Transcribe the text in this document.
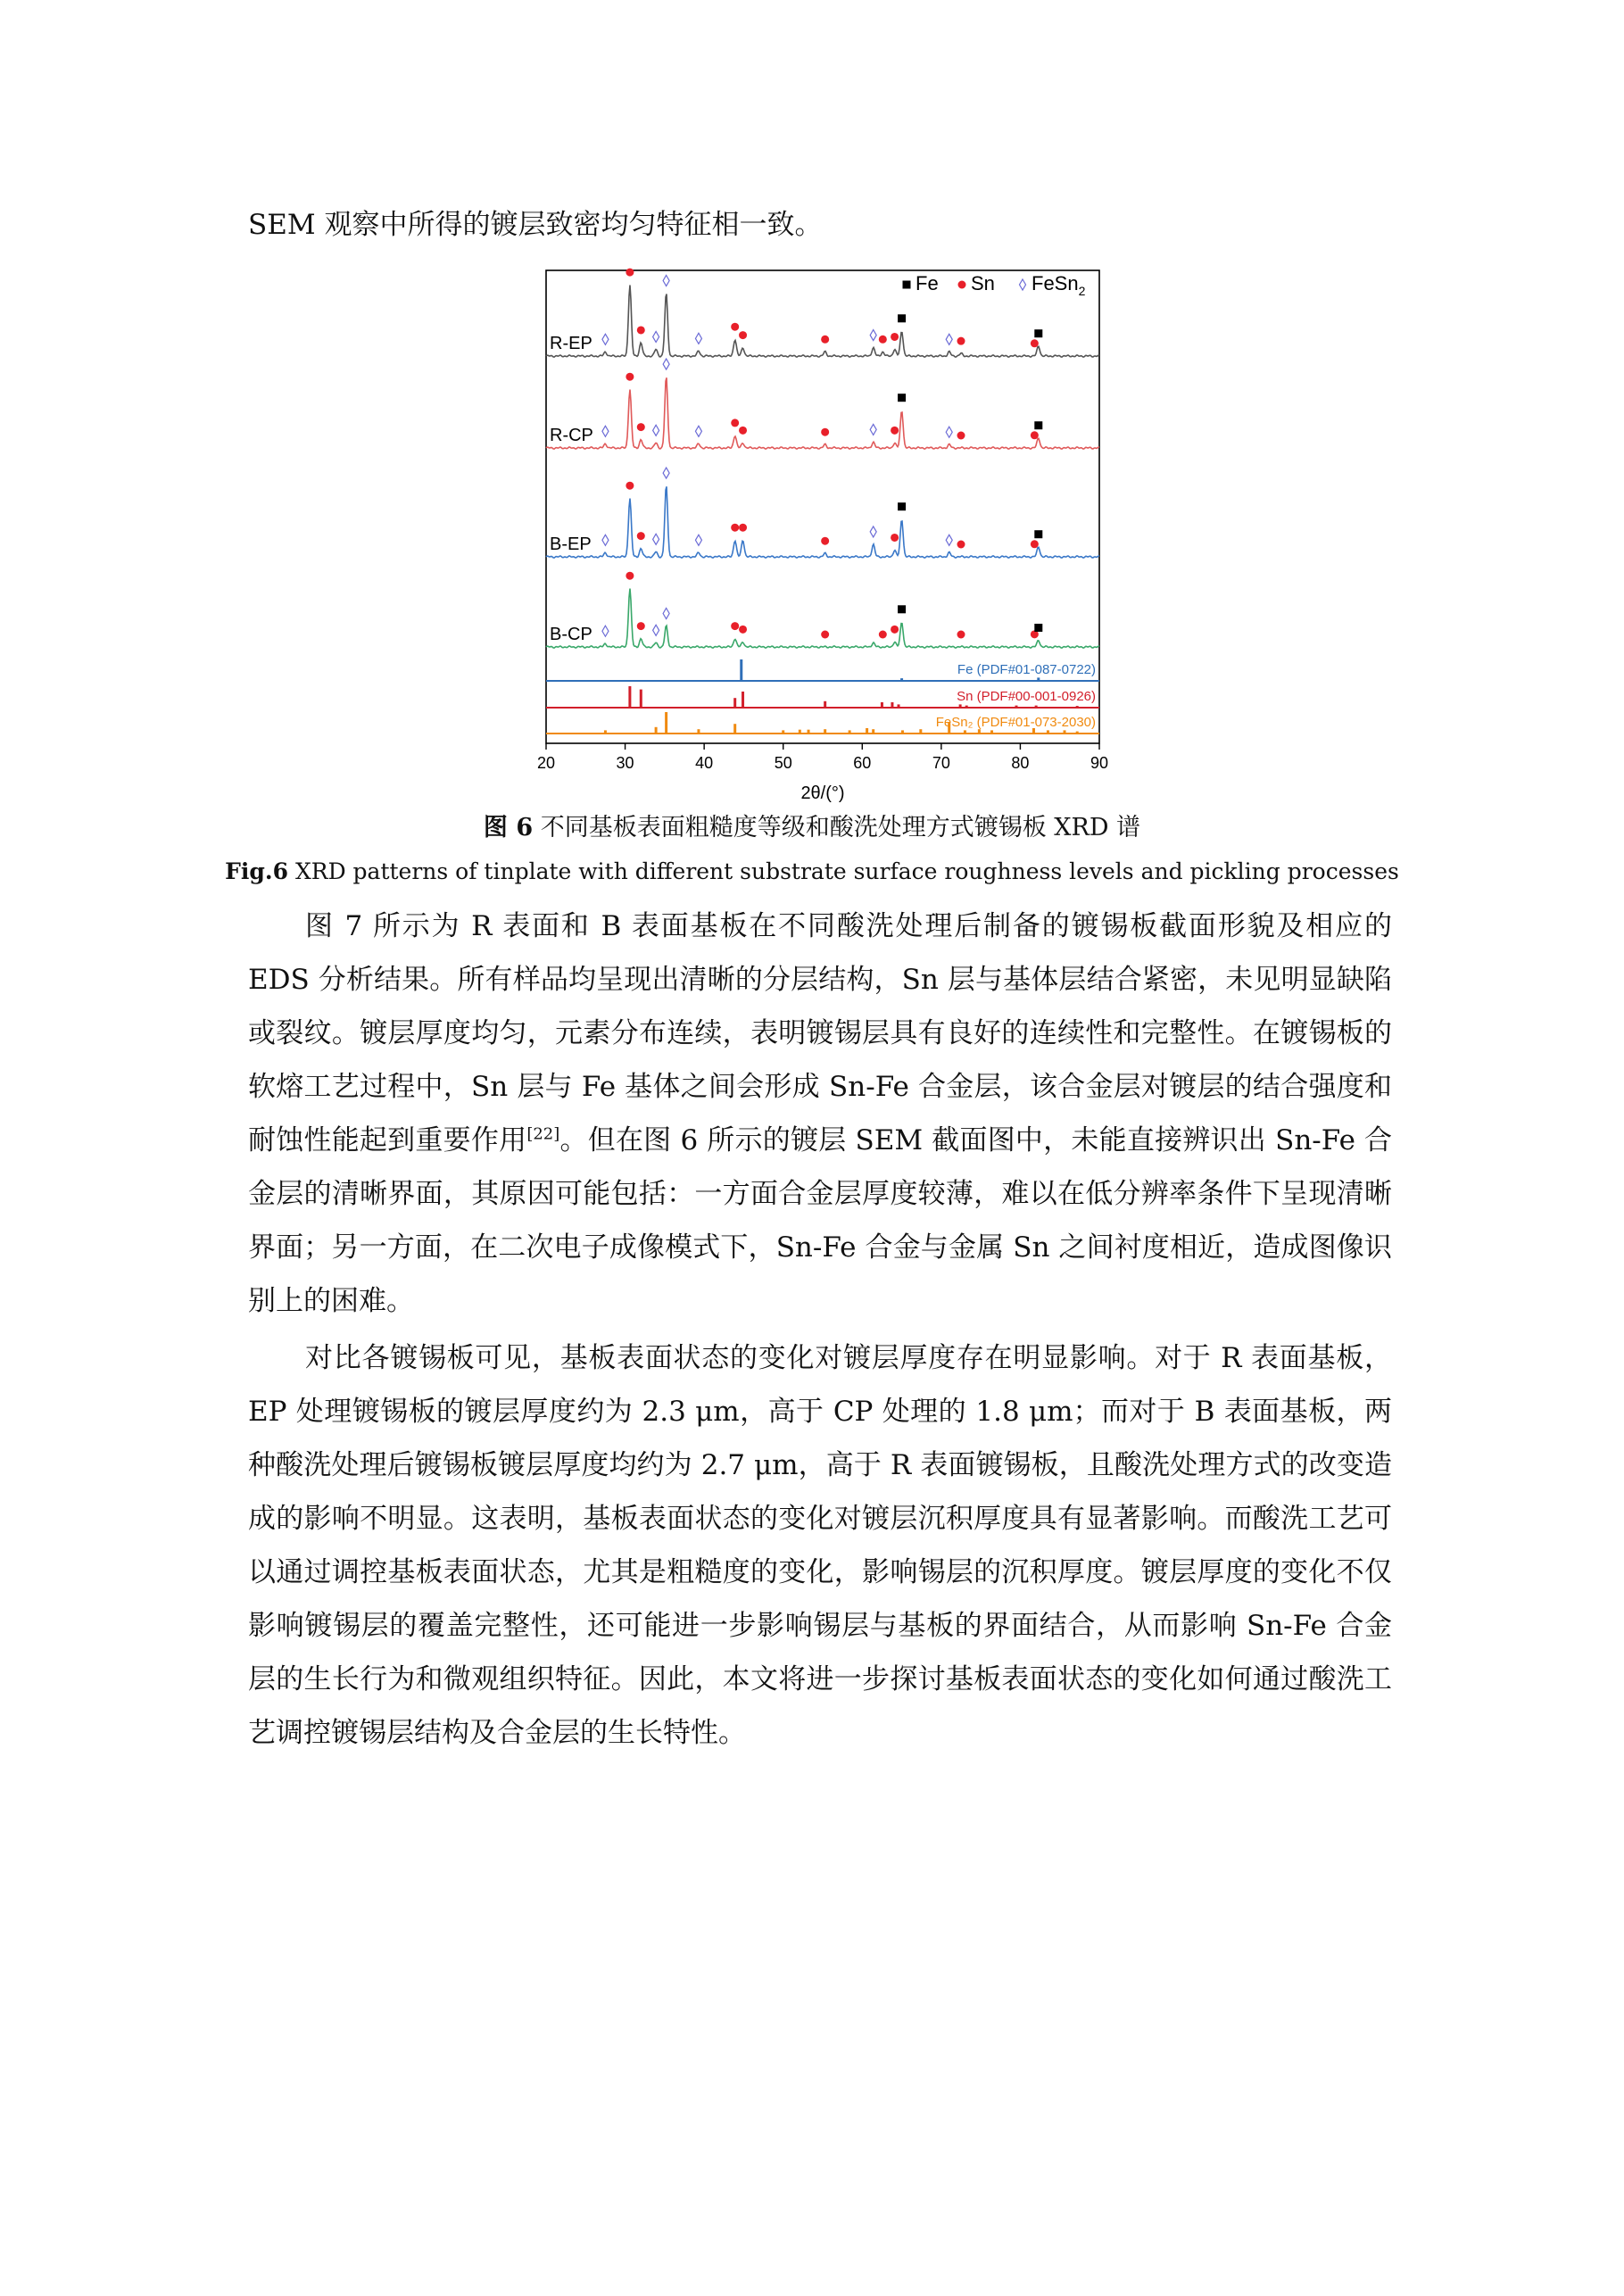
SEM 观察中所得的镀层致密均匀特征相一致。
20	30	40	50	60	70	80	90
2θ/(°)
Fe Sn FeSn$_2$
R-EP
R-CP
B-EP
B-CP
Fe (PDF#01-087-0722)
Sn (PDF#00-001-0926)
FeSn₂ (PDF#01-073-2030)
图 6 不同基板表面粗糙度等级和酸洗处理方式镀锡板 XRD 谱
Fig.6 XRD patterns of tinplate with different substrate surface roughness levels and pickling processes
图 7 所示为 R 表面和 B 表面基板在不同酸洗处理后制备的镀锡板截面形貌及相应的 EDS 分析结果。所有样品均呈现出清晰的分层结构，Sn 层与基体层结合紧密，未见明显缺陷或裂纹。镀层厚度均匀，元素分布连续，表明镀锡层具有良好的连续性和完整性。在镀锡板的软熔工艺过程中，Sn 层与 Fe 基体之间会形成 Sn-Fe 合金层，该合金层对镀层的结合强度和耐蚀性能起到重要作用[22]。但在图 6 所示的镀层 SEM 截面图中，未能直接辨识出 Sn-Fe 合金层的清晰界面，其原因可能包括：一方面合金层厚度较薄，难以在低分辨率条件下呈现清晰界面；另一方面，在二次电子成像模式下，Sn-Fe 合金与金属 Sn 之间衬度相近，造成图像识别上的困难。
对比各镀锡板可见，基板表面状态的变化对镀层厚度存在明显影响。对于 R 表面基板，EP 处理镀锡板的镀层厚度约为 2.3 μm，高于 CP 处理的 1.8 μm；而对于 B 表面基板，两种酸洗处理后镀锡板镀层厚度均约为 2.7 μm，高于 R 表面镀锡板，且酸洗处理方式的改变造成的影响不明显。这表明，基板表面状态的变化对镀层沉积厚度具有显著影响。而酸洗工艺可以通过调控基板表面状态，尤其是粗糙度的变化，影响锡层的沉积厚度。镀层厚度的变化不仅影响镀锡层的覆盖完整性，还可能进一步影响锡层与基板的界面结合，从而影响 Sn-Fe 合金层的生长行为和微观组织特征。因此，本文将进一步探讨基板表面状态的变化如何通过酸洗工艺调控镀锡层结构及合金层的生长特性。
